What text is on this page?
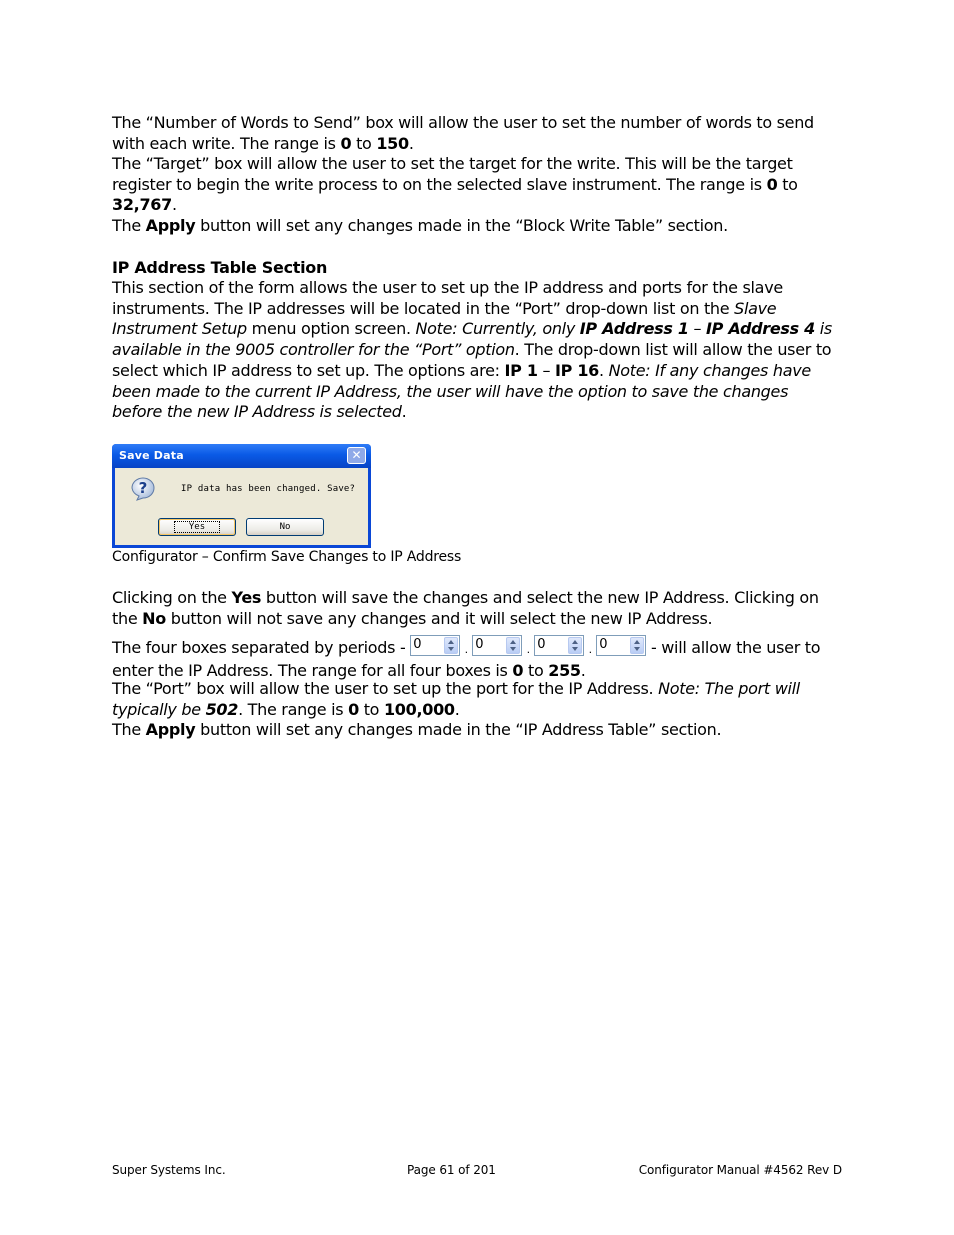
The “Number of Words to Send” box will allow the user to set the number of words to send with each write. The range is 0 to 150.

The “Target” box will allow the user to set the target for the write. This will be the target register to begin the write process to on the selected slave instrument. The range is 0 to 32,767.

The Apply button will set any changes made in the “Block Write Table” section.

IP Address Table Section

This section of the form allows the user to set up the IP address and ports for the slave instruments. The IP addresses will be located in the “Port” drop-down list on the Slave Instrument Setup menu option screen. Note: Currently, only IP Address 1 – IP Address 4 is available in the 9005 controller for the “Port” option. The drop-down list will allow the user to select which IP address to set up. The options are: IP 1 – IP 16. Note: If any changes have been made to the current IP Address, the user will have the option to save the changes before the new IP Address is selected.

Save Data	✕
?	IP data has been changed. Save?
Yes	No
Configurator – Confirm Save Changes to IP Address

Clicking on the Yes button will save the changes and select the new IP Address. Clicking on the No button will not save any changes and it will select the new IP Address.

The four boxes separated by periods - 0	. 0	. 0	. 0 - will allow the user to enter the IP Address. The range for all four boxes is 0 to 255.

The “Port” box will allow the user to set up the port for the IP Address. Note: The port will typically be 502. The range is 0 to 100,000.

The Apply button will set any changes made in the “IP Address Table” section.

Super Systems Inc.	Page 61 of 201	Configurator Manual #4562 Rev D
